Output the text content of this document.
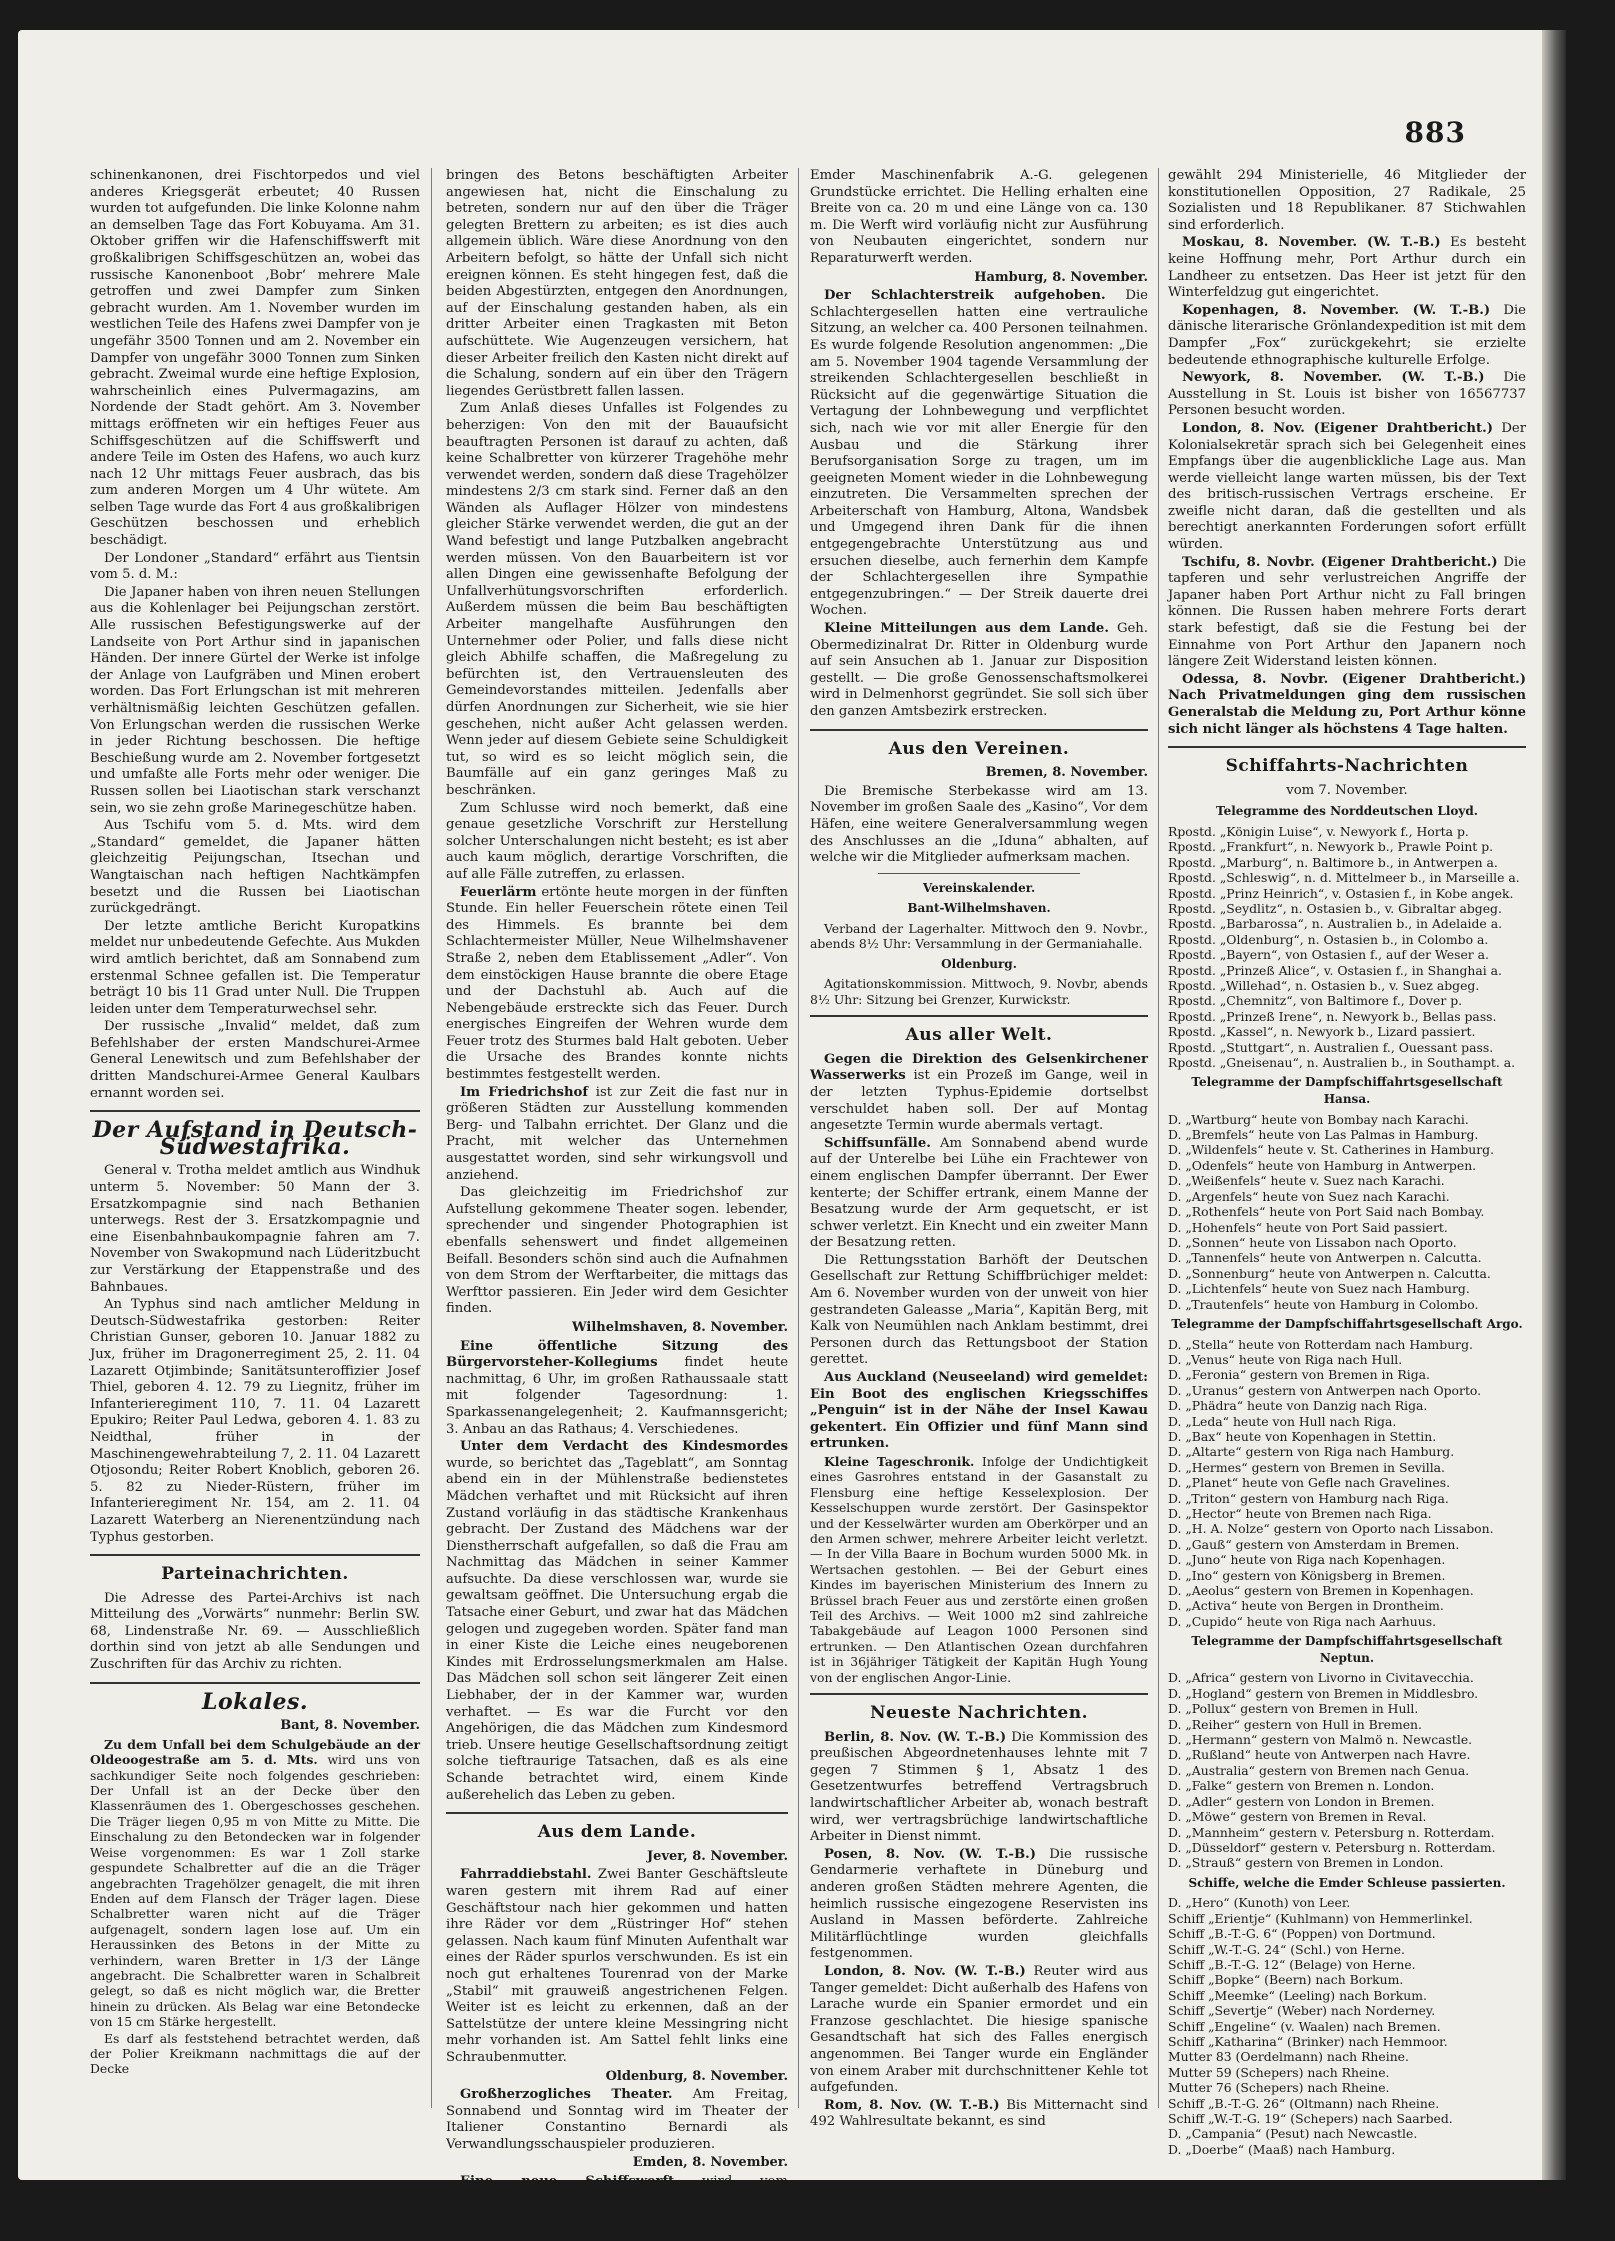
883

schinenkanonen, drei Fischtorpedos und viel anderes Kriegsgerät erbeutet; 40 Russen wurden tot aufgefunden. Die linke Kolonne nahm an demselben Tage das Fort Kobuyama. Am 31. Oktober griffen wir die Hafenschiffswerft mit großkalibrigen Schiffsgeschützen an, wobei das russische Kanonenboot ‚Bobr‘ mehrere Male getroffen und zwei Dampfer zum Sinken gebracht wurden. Am 1. November wurden im westlichen Teile des Hafens zwei Dampfer von je ungefähr 3500 Tonnen und am 2. November ein Dampfer von ungefähr 3000 Tonnen zum Sinken gebracht. Zweimal wurde eine heftige Explosion, wahrscheinlich eines Pulvermagazins, am Nordende der Stadt gehört. Am 3. November mittags eröffneten wir ein heftiges Feuer aus Schiffsgeschützen auf die Schiffswerft und andere Teile im Osten des Hafens, wo auch kurz nach 12 Uhr mittags Feuer ausbrach, das bis zum anderen Morgen um 4 Uhr wütete. Am selben Tage wurde das Fort 4 aus großkalibrigen Geschützen beschossen und erheblich beschädigt.

Der Londoner „Standard“ erfährt aus Tientsin vom 5. d. M.:

Die Japaner haben von ihren neuen Stellungen aus die Kohlenlager bei Peijungschan zerstört. Alle russischen Befestigungswerke auf der Landseite von Port Arthur sind in japanischen Händen. Der innere Gürtel der Werke ist infolge der Anlage von Laufgräben und Minen erobert worden. Das Fort Erlungschan ist mit mehreren verhältnismäßig leichten Geschützen gefallen. Von Erlungschan werden die russischen Werke in jeder Richtung beschossen. Die heftige Beschießung wurde am 2. November fortgesetzt und umfaßte alle Forts mehr oder weniger. Die Russen sollen bei Liaotischan stark verschanzt sein, wo sie zehn große Marinegeschütze haben.

Aus Tschifu vom 5. d. Mts. wird dem „Standard“ gemeldet, die Japaner hätten gleichzeitig Peijungschan, Itsechan und Wangtaischan nach heftigen Nachtkämpfen besetzt und die Russen bei Liaotischan zurückgedrängt.

Der letzte amtliche Bericht Kuropatkins meldet nur unbedeutende Gefechte. Aus Mukden wird amtlich berichtet, daß am Sonnabend zum erstenmal Schnee gefallen ist. Die Temperatur beträgt 10 bis 11 Grad unter Null. Die Truppen leiden unter dem Temperaturwechsel sehr.

Der russische „Invalid“ meldet, daß zum Befehlshaber der ersten Mandschurei-Armee General Lenewitsch und zum Befehlshaber der dritten Mandschurei-Armee General Kaulbars ernannt worden sei.

Der Aufstand in Deutsch-Südwestafrika.

General v. Trotha meldet amtlich aus Windhuk unterm 5. November: 50 Mann der 3. Ersatzkompagnie sind nach Bethanien unterwegs. Rest der 3. Ersatzkompagnie und eine Eisenbahnbaukompagnie fahren am 7. November von Swakopmund nach Lüderitzbucht zur Verstärkung der Etappenstraße und des Bahnbaues.

An Typhus sind nach amtlicher Meldung in Deutsch-Südwestafrika gestorben: Reiter Christian Gunser, geboren 10. Januar 1882 zu Jux, früher im Dragonerregiment 25, 2. 11. 04 Lazarett Otjimbinde; Sanitätsunteroffizier Josef Thiel, geboren 4. 12. 79 zu Liegnitz, früher im Infanterieregiment 110, 7. 11. 04 Lazarett Epukiro; Reiter Paul Ledwa, geboren 4. 1. 83 zu Neidthal, früher in der Maschinengewehrabteilung 7, 2. 11. 04 Lazarett Otjosondu; Reiter Robert Knoblich, geboren 26. 5. 82 zu Nieder-Rüstern, früher im Infanterieregiment Nr. 154, am 2. 11. 04 Lazarett Waterberg an Nierenentzündung nach Typhus gestorben.

Parteinachrichten.

Die Adresse des Partei-Archivs ist nach Mitteilung des „Vorwärts“ nunmehr: Berlin SW. 68, Lindenstraße Nr. 69. — Ausschließlich dorthin sind von jetzt ab alle Sendungen und Zuschriften für das Archiv zu richten.

Lokales.
Bant, 8. November.

Zu dem Unfall bei dem Schulgebäude an der Oldeoogestraße am 5. d. Mts. wird uns von sachkundiger Seite noch folgendes geschrieben: Der Unfall ist an der Decke über den Klassenräumen des 1. Obergeschosses geschehen. Die Träger liegen 0,95 m von Mitte zu Mitte. Die Einschalung zu den Betondecken war in folgender Weise vorgenommen: Es war 1 Zoll starke gespundete Schalbretter auf die an die Träger angebrachten Tragehölzer genagelt, die mit ihren Enden auf dem Flansch der Träger lagen. Diese Schalbretter waren nicht auf die Träger aufgenagelt, sondern lagen lose auf. Um ein Heraussinken des Betons in der Mitte zu verhindern, waren Bretter in 1/3 der Länge angebracht. Die Schalbretter waren in Schalbreit gelegt, so daß es nicht möglich war, die Bretter hinein zu drücken. Als Belag war eine Betondecke von 15 cm Stärke hergestellt.

Es darf als feststehend betrachtet werden, daß der Polier Kreikmann nachmittags die auf der Decke

bringen des Betons beschäftigten Arbeiter angewiesen hat, nicht die Einschalung zu betreten, sondern nur auf den über die Träger gelegten Brettern zu arbeiten; es ist dies auch allgemein üblich. Wäre diese Anordnung von den Arbeitern befolgt, so hätte der Unfall sich nicht ereignen können. Es steht hingegen fest, daß die beiden Abgestürzten, entgegen den Anordnungen, auf der Einschalung gestanden haben, als ein dritter Arbeiter einen Tragkasten mit Beton aufschüttete. Wie Augenzeugen versichern, hat dieser Arbeiter freilich den Kasten nicht direkt auf die Schalung, sondern auf ein über den Trägern liegendes Gerüstbrett fallen lassen.

Zum Anlaß dieses Unfalles ist Folgendes zu beherzigen: Von den mit der Bauaufsicht beauftragten Personen ist darauf zu achten, daß keine Schalbretter von kürzerer Tragehöhe mehr verwendet werden, sondern daß diese Tragehölzer mindestens 2/3 cm stark sind. Ferner daß an den Wänden als Auflager Hölzer von mindestens gleicher Stärke verwendet werden, die gut an der Wand befestigt und lange Putzbalken angebracht werden müssen. Von den Bauarbeitern ist vor allen Dingen eine gewissenhafte Befolgung der Unfallverhütungsvorschriften erforderlich. Außerdem müssen die beim Bau beschäftigten Arbeiter mangelhafte Ausführungen den Unternehmer oder Polier, und falls diese nicht gleich Abhilfe schaffen, die Maßregelung zu befürchten ist, den Vertrauensleuten des Gemeindevorstandes mitteilen. Jedenfalls aber dürfen Anordnungen zur Sicherheit, wie sie hier geschehen, nicht außer Acht gelassen werden. Wenn jeder auf diesem Gebiete seine Schuldigkeit tut, so wird es so leicht möglich sein, die Baumfälle auf ein ganz geringes Maß zu beschränken.

Zum Schlusse wird noch bemerkt, daß eine genaue gesetzliche Vorschrift zur Herstellung solcher Unterschalungen nicht besteht; es ist aber auch kaum möglich, derartige Vorschriften, die auf alle Fälle zutreffen, zu erlassen.

Feuerlärm ertönte heute morgen in der fünften Stunde. Ein heller Feuerschein rötete einen Teil des Himmels. Es brannte bei dem Schlachtermeister Müller, Neue Wilhelmshavener Straße 2, neben dem Etablissement „Adler“. Von dem einstöckigen Hause brannte die obere Etage und der Dachstuhl ab. Auch auf die Nebengebäude erstreckte sich das Feuer. Durch energisches Eingreifen der Wehren wurde dem Feuer trotz des Sturmes bald Halt geboten. Ueber die Ursache des Brandes konnte nichts bestimmtes festgestellt werden.

Im Friedrichshof ist zur Zeit die fast nur in größeren Städten zur Ausstellung kommenden Berg- und Talbahn errichtet. Der Glanz und die Pracht, mit welcher das Unternehmen ausgestattet worden, sind sehr wirkungsvoll und anziehend.

Das gleichzeitig im Friedrichshof zur Aufstellung gekommene Theater sogen. lebender, sprechender und singender Photographien ist ebenfalls sehenswert und findet allgemeinen Beifall. Besonders schön sind auch die Aufnahmen von dem Strom der Werftarbeiter, die mittags das Werfttor passieren. Ein Jeder wird dem Gesichter finden.

Wilhelmshaven, 8. November.

Eine öffentliche Sitzung des Bürgervorsteher-Kollegiums findet heute nachmittag, 6 Uhr, im großen Rathaussaale statt mit folgender Tagesordnung: 1. Sparkassenangelegenheit; 2. Kaufmannsgericht; 3. Anbau an das Rathaus; 4. Verschiedenes.

Unter dem Verdacht des Kindesmordes wurde, so berichtet das „Tageblatt“, am Sonntag abend ein in der Mühlenstraße bedienstetes Mädchen verhaftet und mit Rücksicht auf ihren Zustand vorläufig in das städtische Krankenhaus gebracht. Der Zustand des Mädchens war der Dienstherrschaft aufgefallen, so daß die Frau am Nachmittag das Mädchen in seiner Kammer aufsuchte. Da diese verschlossen war, wurde sie gewaltsam geöffnet. Die Untersuchung ergab die Tatsache einer Geburt, und zwar hat das Mädchen gelogen und zugegeben worden. Später fand man in einer Kiste die Leiche eines neugeborenen Kindes mit Erdrosselungsmerkmalen am Halse. Das Mädchen soll schon seit längerer Zeit einen Liebhaber, der in der Kammer war, wurden verhaftet. — Es war die Furcht vor den Angehörigen, die das Mädchen zum Kindesmord trieb. Unsere heutige Gesellschaftsordnung zeitigt solche tieftraurige Tatsachen, daß es als eine Schande betrachtet wird, einem Kinde außerehelich das Leben zu geben.

Aus dem Lande.
Jever, 8. November.

Fahrraddiebstahl. Zwei Banter Geschäftsleute waren gestern mit ihrem Rad auf einer Geschäftstour nach hier gekommen und hatten ihre Räder vor dem „Rüstringer Hof“ stehen gelassen. Nach kaum fünf Minuten Aufenthalt war eines der Räder spurlos verschwunden. Es ist ein noch gut erhaltenes Tourenrad von der Marke „Stabil“ mit grauweiß angestrichenen Felgen. Weiter ist es leicht zu erkennen, daß an der Sattelstütze der untere kleine Messingring nicht mehr vorhanden ist. Am Sattel fehlt links eine Schraubenmutter.

Oldenburg, 8. November.

Großherzogliches Theater. Am Freitag, Sonnabend und Sonntag wird im Theater der Italiener Constantino Bernardi als Verwandlungsschauspieler produzieren.

Emden, 8. November.

Eine neue Schiffswerft wird vom Schiffsbaumeister Janssen am Binnenhaven auf dem zwischen der Heringsfischerei „Neptun“ und der

Emder Maschinenfabrik A.-G. gelegenen Grundstücke errichtet. Die Helling erhalten eine Breite von ca. 20 m und eine Länge von ca. 130 m. Die Werft wird vorläufig nicht zur Ausführung von Neubauten eingerichtet, sondern nur Reparaturwerft werden.

Hamburg, 8. November.

Der Schlachterstreik aufgehoben. Die Schlachtergesellen hatten eine vertrauliche Sitzung, an welcher ca. 400 Personen teilnahmen. Es wurde folgende Resolution angenommen: „Die am 5. November 1904 tagende Versammlung der streikenden Schlachtergesellen beschließt in Rücksicht auf die gegenwärtige Situation die Vertagung der Lohnbewegung und verpflichtet sich, nach wie vor mit aller Energie für den Ausbau und die Stärkung ihrer Berufsorganisation Sorge zu tragen, um im geeigneten Moment wieder in die Lohnbewegung einzutreten. Die Versammelten sprechen der Arbeiterschaft von Hamburg, Altona, Wandsbek und Umgegend ihren Dank für die ihnen entgegengebrachte Unterstützung aus und ersuchen dieselbe, auch fernerhin dem Kampfe der Schlachtergesellen ihre Sympathie entgegenzubringen.“ — Der Streik dauerte drei Wochen.

Kleine Mitteilungen aus dem Lande. Geh. Obermedizinalrat Dr. Ritter in Oldenburg wurde auf sein Ansuchen ab 1. Januar zur Disposition gestellt. — Die große Genossenschaftsmolkerei wird in Delmenhorst gegründet. Sie soll sich über den ganzen Amtsbezirk erstrecken.

Aus den Vereinen.
Bremen, 8. November.

Die Bremische Sterbekasse wird am 13. November im großen Saale des „Kasino“, Vor dem Häfen, eine weitere Generalversammlung wegen des Anschlusses an die „Iduna“ abhalten, auf welche wir die Mitglieder aufmerksam machen.

Vereinskalender.
Bant-Wilhelmshaven.

Verband der Lagerhalter. Mittwoch den 9. Novbr., abends 8½ Uhr: Versammlung in der Germaniahalle.

Oldenburg.

Agitationskommission. Mittwoch, 9. Novbr, abends 8½ Uhr: Sitzung bei Grenzer, Kurwickstr.

Aus aller Welt.

Gegen die Direktion des Gelsenkirchener Wasserwerks ist ein Prozeß im Gange, weil in der letzten Typhus-Epidemie dortselbst verschuldet haben soll. Der auf Montag angesetzte Termin wurde abermals vertagt.

Schiffsunfälle. Am Sonnabend abend wurde auf der Unterelbe bei Lühe ein Frachtewer von einem englischen Dampfer überrannt. Der Ewer kenterte; der Schiffer ertrank, einem Manne der Besatzung wurde der Arm gequetscht, er ist schwer verletzt. Ein Knecht und ein zweiter Mann der Besatzung retten.

Die Rettungsstation Barhöft der Deutschen Gesellschaft zur Rettung Schiffbrüchiger meldet: Am 6. November wurden von der unweit von hier gestrandeten Galeasse „Maria“, Kapitän Berg, mit Kalk von Neumühlen nach Anklam bestimmt, drei Personen durch das Rettungsboot der Station gerettet.

Aus Auckland (Neuseeland) wird gemeldet: Ein Boot des englischen Kriegsschiffes „Penguin“ ist in der Nähe der Insel Kawau gekentert. Ein Offizier und fünf Mann sind ertrunken.

Kleine Tageschronik. Infolge der Undichtigkeit eines Gasrohres entstand in der Gasanstalt zu Flensburg eine heftige Kesselexplosion. Der Kesselschuppen wurde zerstört. Der Gasinspektor und der Kesselwärter wurden am Oberkörper und an den Armen schwer, mehrere Arbeiter leicht verletzt. — In der Villa Baare in Bochum wurden 5000 Mk. in Wertsachen gestohlen. — Bei der Geburt eines Kindes im bayerischen Ministerium des Innern zu Brüssel brach Feuer aus und zerstörte einen großen Teil des Archivs. — Weit 1000 m2 sind zahlreiche Tabakgebäude auf Leagon 1000 Personen sind ertrunken. — Den Atlantischen Ozean durchfahren ist in 36jähriger Tätigkeit der Kapitän Hugh Young von der englischen Angor-Linie.

Neueste Nachrichten.

Berlin, 8. Nov. (W. T.-B.) Die Kommission des preußischen Abgeordnetenhauses lehnte mit 7 gegen 7 Stimmen § 1, Absatz 1 des Gesetzentwurfes betreffend Vertragsbruch landwirtschaftlicher Arbeiter ab, wonach bestraft wird, wer vertragsbrüchige landwirtschaftliche Arbeiter in Dienst nimmt.

Posen, 8. Nov. (W. T.-B.) Die russische Gendarmerie verhaftete in Düneburg und anderen großen Städten mehrere Agenten, die heimlich russische eingezogene Reservisten ins Ausland in Massen beförderte. Zahlreiche Militärflüchtlinge wurden gleichfalls festgenommen.

London, 8. Nov. (W. T.-B.) Reuter wird aus Tanger gemeldet: Dicht außerhalb des Hafens von Larache wurde ein Spanier ermordet und ein Franzose geschlachtet. Die hiesige spanische Gesandtschaft hat sich des Falles energisch angenommen. Bei Tanger wurde ein Engländer von einem Araber mit durchschnittener Kehle tot aufgefunden.

Rom, 8. Nov. (W. T.-B.) Bis Mitternacht sind 492 Wahlresultate bekannt, es sind

gewählt 294 Ministerielle, 46 Mitglieder der konstitutionellen Opposition, 27 Radikale, 25 Sozialisten und 18 Republikaner. 87 Stichwahlen sind erforderlich.

Moskau, 8. November. (W. T.-B.) Es besteht keine Hoffnung mehr, Port Arthur durch ein Landheer zu entsetzen. Das Heer ist jetzt für den Winterfeldzug gut eingerichtet.

Kopenhagen, 8. November. (W. T.-B.) Die dänische literarische Grönlandexpedition ist mit dem Dampfer „Fox“ zurückgekehrt; sie erzielte bedeutende ethnographische kulturelle Erfolge.

Newyork, 8. November. (W. T.-B.) Die Ausstellung in St. Louis ist bisher von 16567737 Personen besucht worden.

London, 8. Nov. (Eigener Drahtbericht.) Der Kolonialsekretär sprach sich bei Gelegenheit eines Empfangs über die augenblickliche Lage aus. Man werde vielleicht lange warten müssen, bis der Text des britisch-russischen Vertrags erscheine. Er zweifle nicht daran, daß die gestellten und als berechtigt anerkannten Forderungen sofort erfüllt würden.

Tschifu, 8. Novbr. (Eigener Drahtbericht.) Die tapferen und sehr verlustreichen Angriffe der Japaner haben Port Arthur nicht zu Fall bringen können. Die Russen haben mehrere Forts derart stark befestigt, daß sie die Festung bei der Einnahme von Port Arthur den Japanern noch längere Zeit Widerstand leisten können.

Odessa, 8. Novbr. (Eigener Drahtbericht.) Nach Privatmeldungen ging dem russischen Generalstab die Meldung zu, Port Arthur könne sich nicht länger als höchstens 4 Tage halten.

Schiffahrts-Nachrichten
vom 7. November.
Telegramme des Norddeutschen Lloyd.
Rpostd. „Königin Luise“, v. Newyork f., Horta p.
Rpostd. „Frankfurt“, n. Newyork b., Prawle Point p.
Rpostd. „Marburg“, n. Baltimore b., in Antwerpen a.
Rpostd. „Schleswig“, n. d. Mittelmeer b., in Marseille a.
Rpostd. „Prinz Heinrich“, v. Ostasien f., in Kobe angek.
Rpostd. „Seydlitz“, n. Ostasien b., v. Gibraltar abgeg.
Rpostd. „Barbarossa“, n. Australien b., in Adelaide a.
Rpostd. „Oldenburg“, n. Ostasien b., in Colombo a.
Rpostd. „Bayern“, von Ostasien f., auf der Weser a.
Rpostd. „Prinzeß Alice“, v. Ostasien f., in Shanghai a.
Rpostd. „Willehad“, n. Ostasien b., v. Suez abgeg.
Rpostd. „Chemnitz“, von Baltimore f., Dover p.
Rpostd. „Prinzeß Irene“, n. Newyork b., Bellas pass.
Rpostd. „Kassel“, n. Newyork b., Lizard passiert.
Rpostd. „Stuttgart“, n. Australien f., Ouessant pass.
Rpostd. „Gneisenau“, n. Australien b., in Southampt. a.
Telegramme der Dampfschiffahrtsgesellschaft Hansa.
D. „Wartburg“ heute von Bombay nach Karachi.
D. „Bremfels“ heute von Las Palmas in Hamburg.
D. „Wildenfels“ heute v. St. Catherines in Hamburg.
D. „Odenfels“ heute von Hamburg in Antwerpen.
D. „Weißenfels“ heute v. Suez nach Karachi.
D. „Argenfels“ heute von Suez nach Karachi.
D. „Rothenfels“ heute von Port Said nach Bombay.
D. „Hohenfels“ heute von Port Said passiert.
D. „Sonnen“ heute von Lissabon nach Oporto.
D. „Tannenfels“ heute von Antwerpen n. Calcutta.
D. „Sonnenburg“ heute von Antwerpen n. Calcutta.
D. „Lichtenfels“ heute von Suez nach Hamburg.
D. „Trautenfels“ heute von Hamburg in Colombo.
Telegramme der Dampfschiffahrtsgesellschaft Argo.
D. „Stella“ heute von Rotterdam nach Hamburg.
D. „Venus“ heute von Riga nach Hull.
D. „Feronia“ gestern von Bremen in Riga.
D. „Uranus“ gestern von Antwerpen nach Oporto.
D. „Phädra“ heute von Danzig nach Riga.
D. „Leda“ heute von Hull nach Riga.
D. „Bax“ heute von Kopenhagen in Stettin.
D. „Altarte“ gestern von Riga nach Hamburg.
D. „Hermes“ gestern von Bremen in Sevilla.
D. „Planet“ heute von Gefle nach Gravelines.
D. „Triton“ gestern von Hamburg nach Riga.
D. „Hector“ heute von Bremen nach Riga.
D. „H. A. Nolze“ gestern von Oporto nach Lissabon.
D. „Gauß“ gestern von Amsterdam in Bremen.
D. „Juno“ heute von Riga nach Kopenhagen.
D. „Ino“ gestern von Königsberg in Bremen.
D. „Aeolus“ gestern von Bremen in Kopenhagen.
D. „Activa“ heute von Bergen in Drontheim.
D. „Cupido“ heute von Riga nach Aarhuus.
Telegramme der Dampfschiffahrtsgesellschaft Neptun.
D. „Africa“ gestern von Livorno in Civitavecchia.
D. „Hogland“ gestern von Bremen in Middlesbro.
D. „Pollux“ gestern von Bremen in Hull.
D. „Reiher“ gestern von Hull in Bremen.
D. „Hermann“ gestern von Malmö n. Newcastle.
D. „Rußland“ heute von Antwerpen nach Havre.
D. „Australia“ gestern von Bremen nach Genua.
D. „Falke“ gestern von Bremen n. London.
D. „Adler“ gestern von London in Bremen.
D. „Möwe“ gestern von Bremen in Reval.
D. „Mannheim“ gestern v. Petersburg n. Rotterdam.
D. „Düsseldorf“ gestern v. Petersburg n. Rotterdam.
D. „Strauß“ gestern von Bremen in London.
Schiffe, welche die Emder Schleuse passierten.
D. „Hero“ (Kunoth) von Leer.
Schiff „Erientje“ (Kuhlmann) von Hemmerlinkel.
Schiff „B.-T.-G. 6“ (Poppen) von Dortmund.
Schiff „W.-T.-G. 24“ (Schl.) von Herne.
Schiff „B.-T.-G. 12“ (Belage) von Herne.
Schiff „Bopke“ (Beern) nach Borkum.
Schiff „Meemke“ (Leeling) nach Borkum.
Schiff „Severtje“ (Weber) nach Norderney.
Schiff „Engeline“ (v. Waalen) nach Bremen.
Schiff „Katharina“ (Brinker) nach Hemmoor.
Mutter 83 (Oerdelmann) nach Rheine.
Mutter 59 (Schepers) nach Rheine.
Mutter 76 (Schepers) nach Rheine.
Schiff „B.-T.-G. 26“ (Oltmann) nach Rheine.
Schiff „W.-T.-G. 19“ (Schepers) nach Saarbed.
D. „Campania“ (Pesut) nach Newcastle.
D. „Doerbe“ (Maaß) nach Hamburg.
